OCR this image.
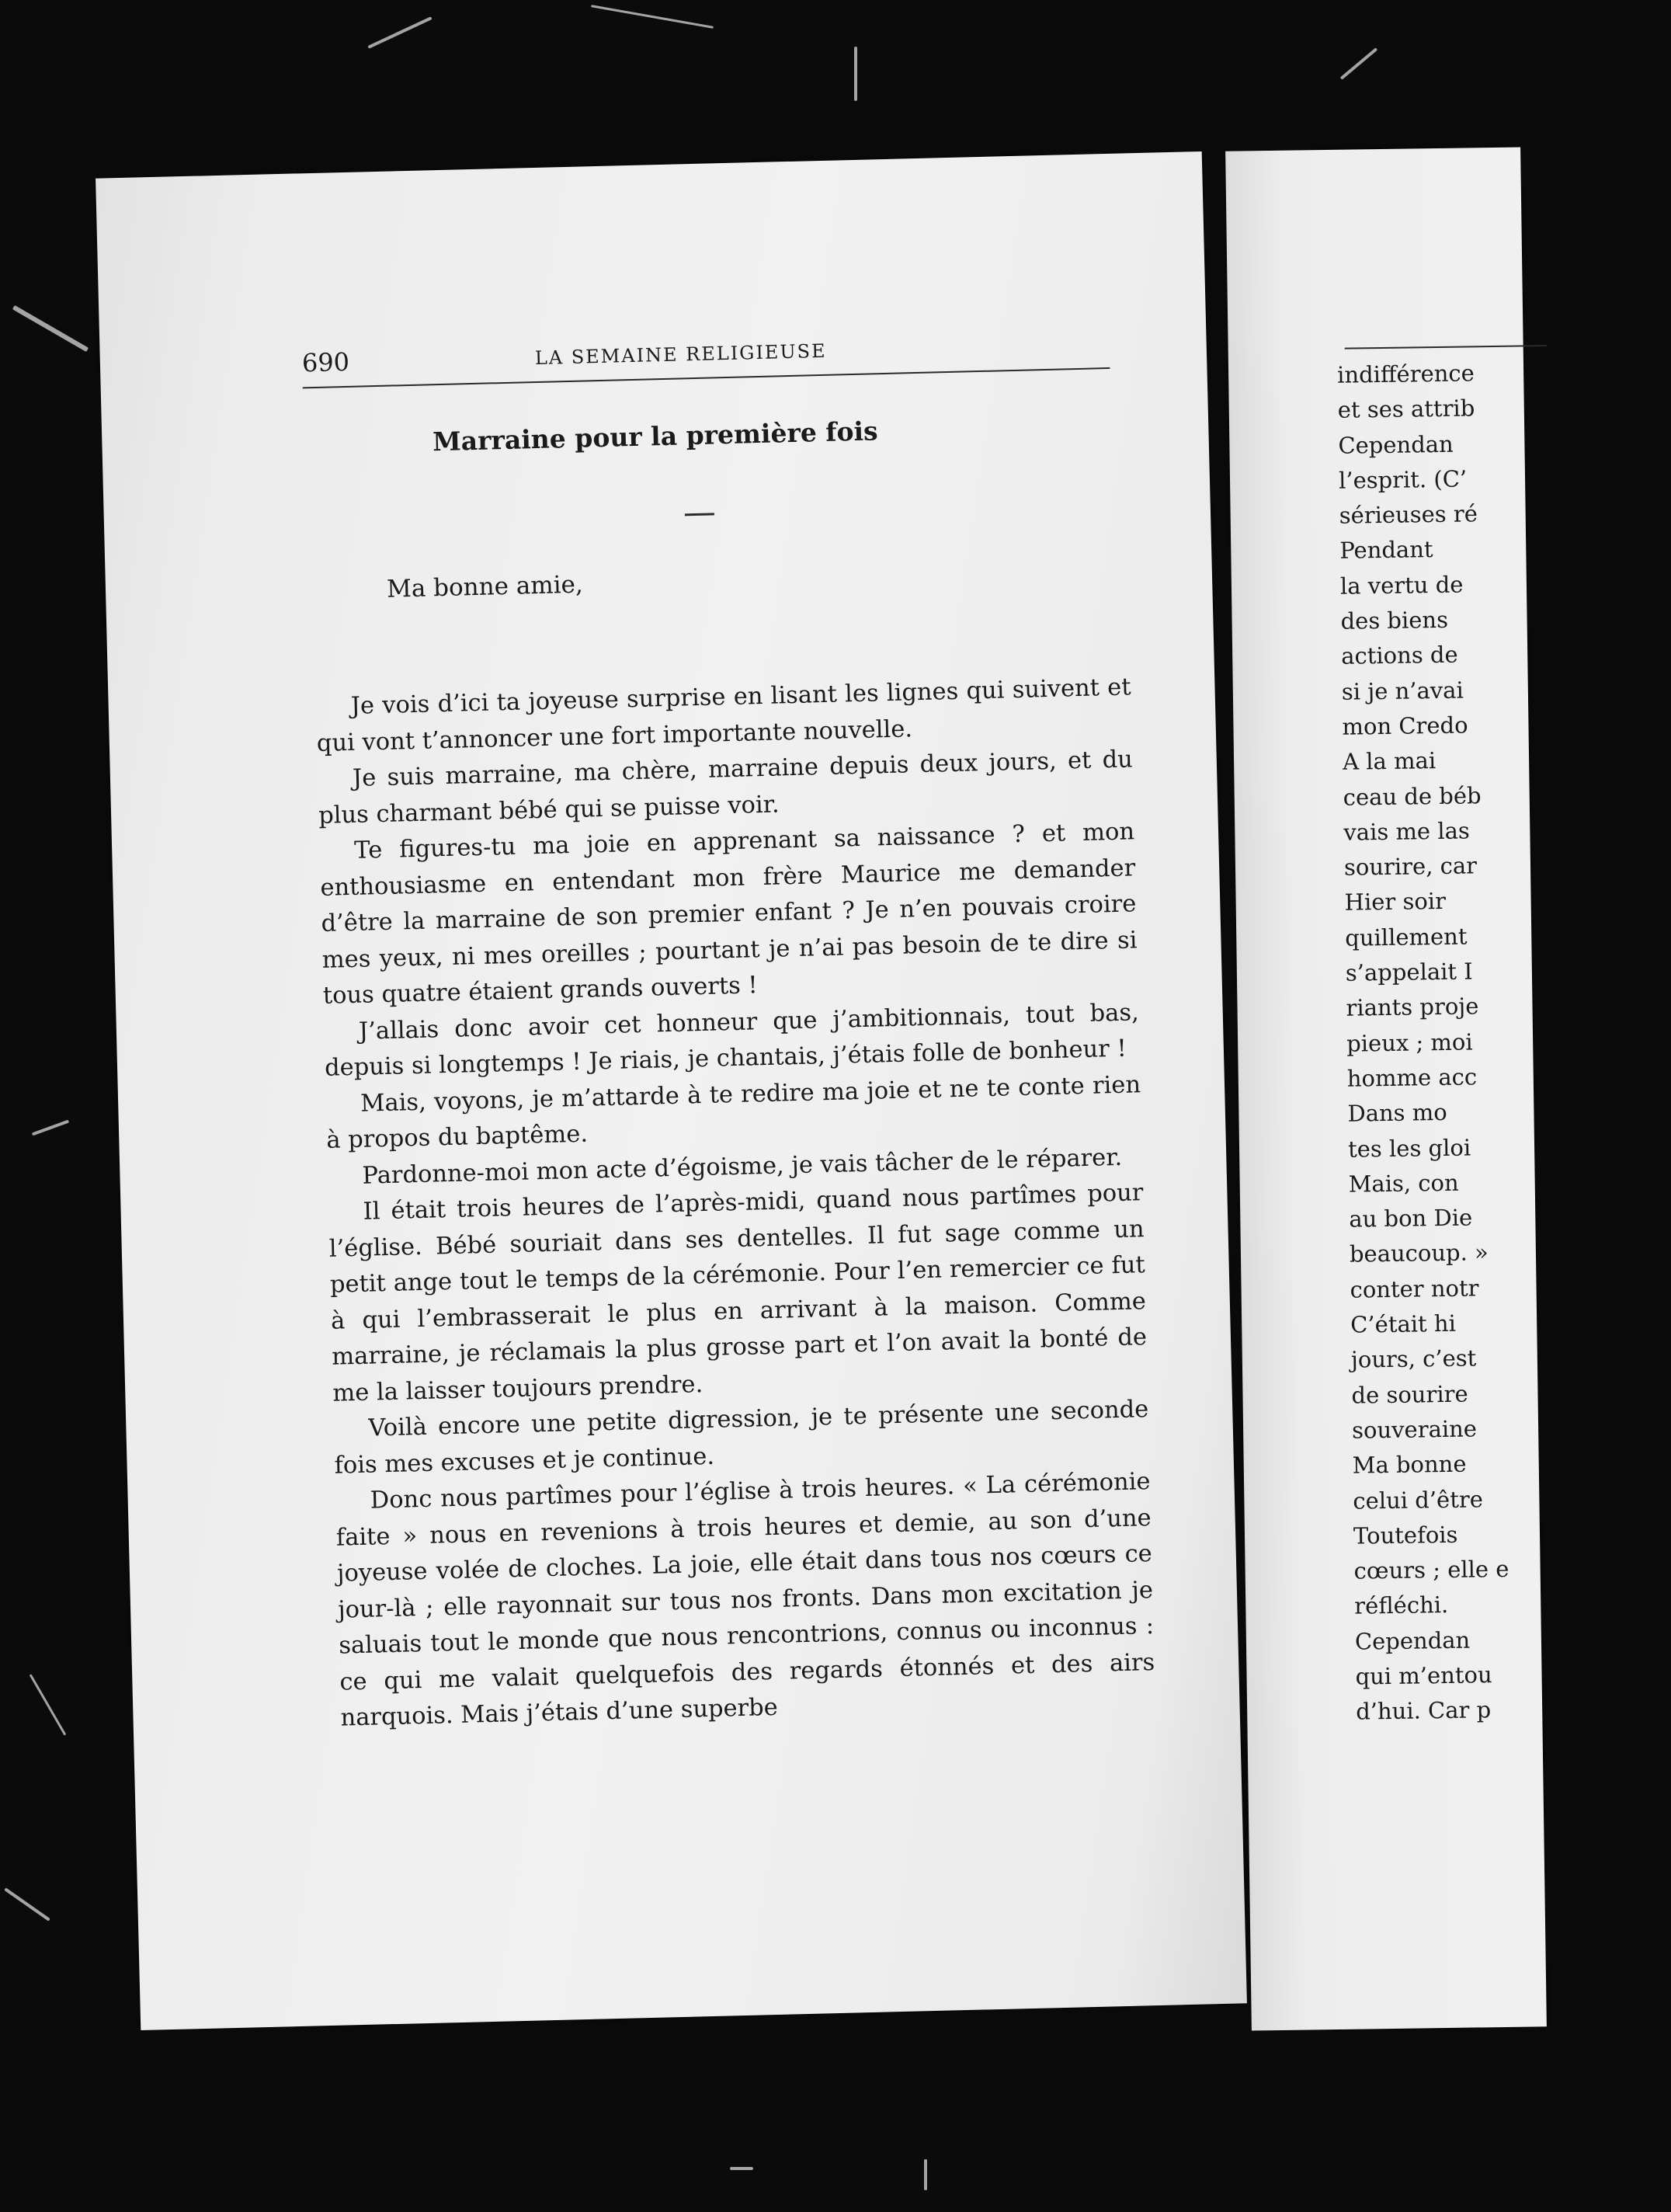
690	LA SEMAINE RELIGIEUSE
Marraine pour la première fois
Ma bonne amie,

Je vois d’ici ta joyeuse surprise en lisant les lignes qui suivent et qui vont t’annoncer une fort importante nouvelle.

Je suis marraine, ma chère, marraine depuis deux jours, et du plus charmant bébé qui se puisse voir.

Te figures-tu ma joie en apprenant sa naissance ? et mon enthousiasme en entendant mon frère Maurice me demander d’être la marraine de son premier enfant ? Je n’en pouvais croire mes yeux, ni mes oreilles ; pourtant je n’ai pas besoin de te dire si tous quatre étaient grands ouverts !

J’allais donc avoir cet honneur que j’ambitionnais, tout bas, depuis si longtemps ! Je riais, je chantais, j’étais folle de bonheur !

Mais, voyons, je m’attarde à te redire ma joie et ne te conte rien à propos du baptême.

Pardonne-moi mon acte d’égoisme, je vais tâcher de le réparer.

Il était trois heures de l’après-midi, quand nous partîmes pour l’église. Bébé souriait dans ses dentelles. Il fut sage comme un petit ange tout le temps de la cérémonie. Pour l’en remercier ce fut à qui l’embrasserait le plus en arrivant à la maison. Comme marraine, je réclamais la plus grosse part et l’on avait la bonté de me la laisser toujours prendre.

Voilà encore une petite digression, je te présente une seconde fois mes excuses et je continue.

Donc nous partîmes pour l’église à trois heures. « La cérémonie faite » nous en revenions à trois heures et demie, au son d’une joyeuse volée de cloches. La joie, elle était dans tous nos cœurs ce jour-là ; elle rayonnait sur tous nos fronts. Dans mon excitation je saluais tout le monde que nous rencontrions, connus ou inconnus : ce qui me valait quelquefois des regards étonnés et des airs narquois. Mais j’étais d’une superbe

indifférence
et ses attrib
Cependan
l’esprit. (C’
sérieuses ré
Pendant
la vertu de
des biens
actions de
si je n’avai
mon Credo
A la mai
ceau de béb
vais me las
sourire, car
Hier soir
quillement
s’appelait I
riants proje
pieux ; moi
homme acc
Dans mo
tes les gloi
Mais, con
au bon Die
beaucoup. »
conter notr
C’était hi
jours, c’est
de sourire
souveraine
Ma bonne
celui d’être
Toutefois
cœurs ; elle e
réfléchi.
Cependan
qui m’entou
d’hui. Car p
